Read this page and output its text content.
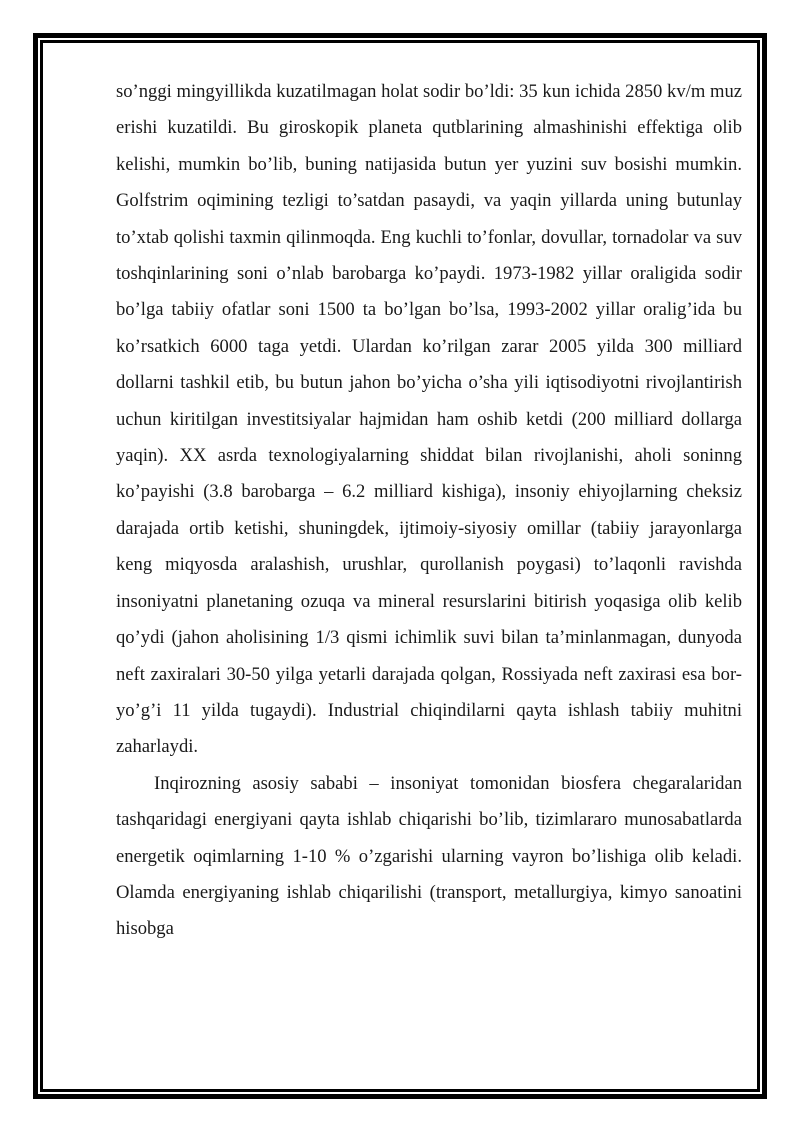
so’nggi mingyillikda kuzatilmagan holat sodir bo’ldi: 35 kun ichida 2850 kv/m muz erishi kuzatildi. Bu giroskopik planeta qutblarining almashinishi effektiga olib kelishi, mumkin bo’lib, buning natijasida butun yer yuzini suv bosishi mumkin. Golfstrim oqimining tezligi to’satdan pasaydi, va yaqin yillarda uning butunlay to’xtab qolishi taxmin qilinmoqda. Eng kuchli to’fonlar, dovullar, tornadolar va suv toshqinlarining soni o’nlab barobarga ko’paydi. 1973-1982 yillar oraligida sodir bo’lga tabiiy ofatlar soni 1500 ta bo’lgan bo’lsa, 1993-2002 yillar oralig’ida bu ko’rsatkich 6000 taga yetdi. Ulardan ko’rilgan zarar 2005 yilda 300 milliard dollarni tashkil etib, bu butun jahon bo’yicha o’sha yili iqtisodiyotni rivojlantirish uchun kiritilgan investitsiyalar hajmidan ham oshib ketdi (200 milliard dollarga yaqin). XX asrda texnologiyalarning shiddat bilan rivojlanishi, aholi soninng ko’payishi (3.8 barobarga – 6.2 milliard kishiga), insoniy ehiyojlarning cheksiz darajada ortib ketishi, shuningdek, ijtimoiy-siyosiy omillar (tabiiy jarayonlarga keng miqyosda aralashish, urushlar, qurollanish poygasi) to’laqonli ravishda insoniyatni planetaning ozuqa va mineral resurslarini bitirish yoqasiga olib kelib qo’ydi (jahon aholisining 1/3 qismi ichimlik suvi bilan ta’minlanmagan, dunyoda neft zaxiralari 30-50 yilga yetarli darajada qolgan, Rossiyada neft zaxirasi esa bor-yo’g’i 11 yilda tugaydi). Industrial chiqindilarni qayta ishlash tabiiy muhitni zaharlaydi.

Inqirozning asosiy sababi – insoniyat tomonidan biosfera chegaralaridan tashqaridagi energiyani qayta ishlab chiqarishi bo’lib, tizimlararo munosabatlarda energetik oqimlarning 1-10 % o’zgarishi ularning vayron bo’lishiga olib keladi. Olamda energiyaning ishlab chiqarilishi (transport, metallurgiya, kimyo sanoatini hisobga
